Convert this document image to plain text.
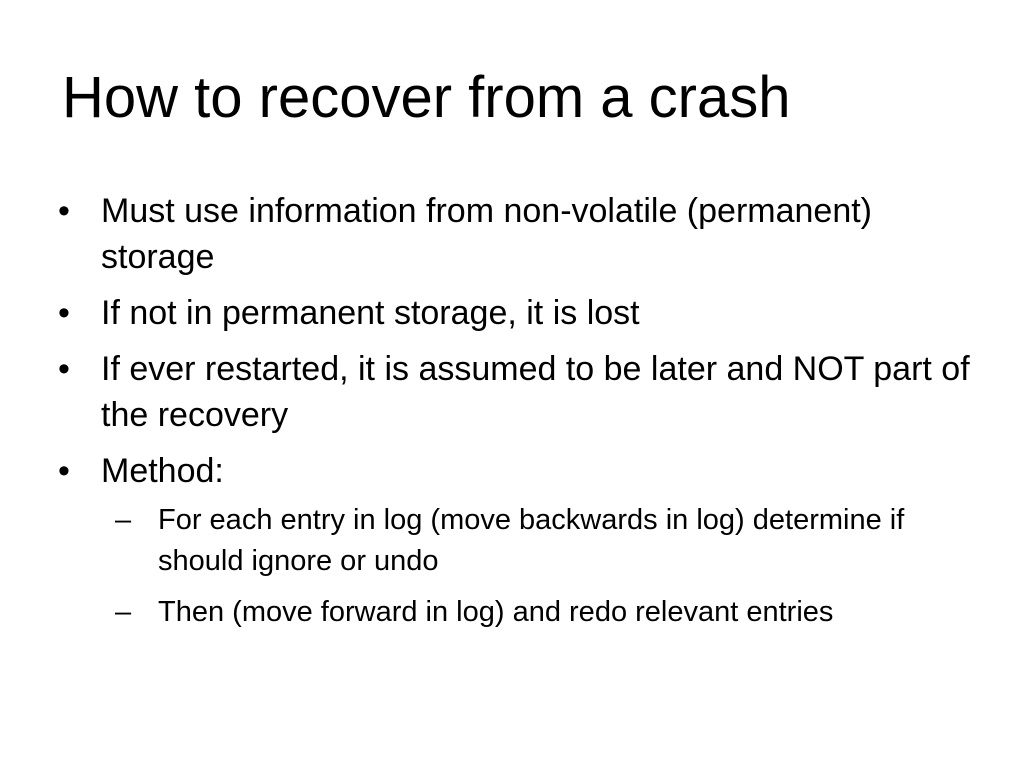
How to recover from a crash
• Must use information from non-volatile (permanent) storage
• If not in permanent storage, it is lost
• If ever restarted, it is assumed to be later and NOT part of the recovery
• Method:
– For each entry in log (move backwards in log) determine if should ignore or undo
– Then (move forward in log) and redo relevant entries
